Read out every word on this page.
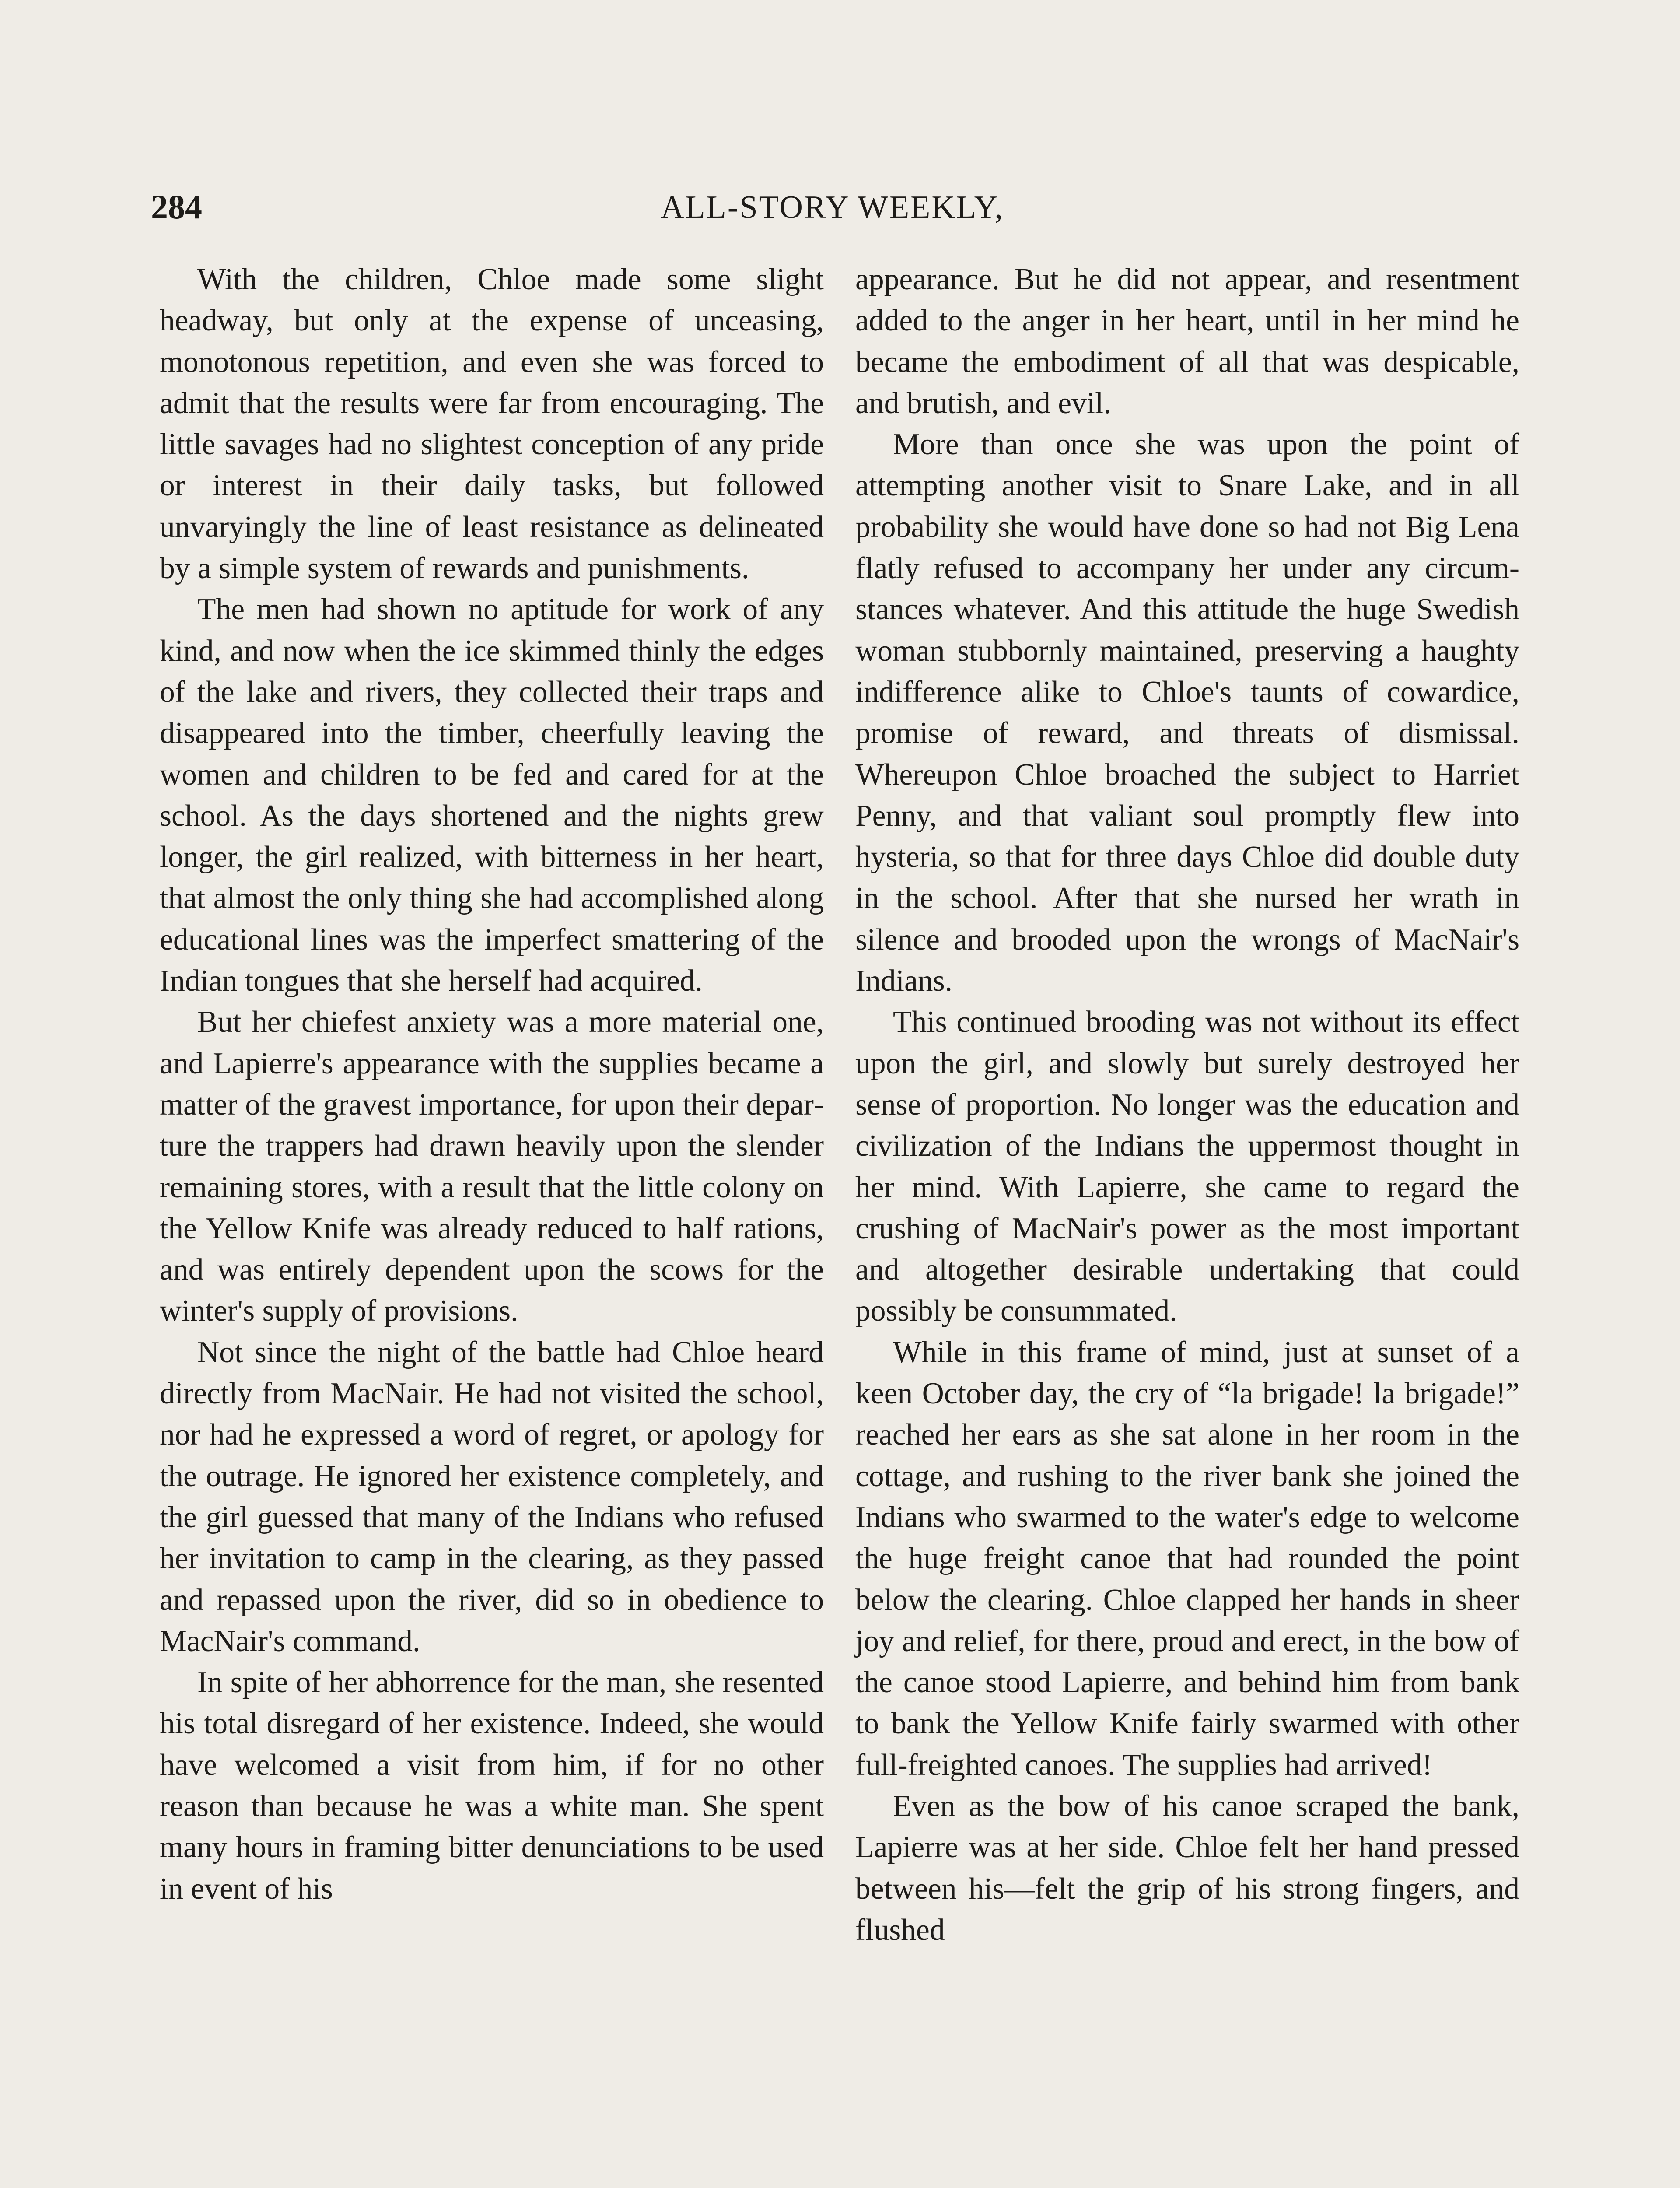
284	ALL-STORY WEEKLY,

With the children, Chloe made some slight headway, but only at the expense of unceasing, monotonous repetition, and even she was forced to admit that the results were far from encouraging. The little savages had no slightest conception of any pride or interest in their daily tasks, but followed unvaryingly the line of least resistance as delineated by a simple system of rewards and punishments.

The men had shown no aptitude for work of any kind, and now when the ice skimmed thinly the edges of the lake and rivers, they collected their traps and disappeared into the timber, cheerfully leaving the women and children to be fed and cared for at the school. As the days shortened and the nights grew longer, the girl realized, with bitterness in her heart, that almost the only thing she had accomplished along educational lines was the imperfect smattering of the Indian tongues that she herself had acquired.

But her chiefest anxiety was a more material one, and Lapierre's appearance with the supplies became a matter of the gravest importance, for upon their departure the trappers had drawn heavily upon the slender remaining stores, with a result that the little colony on the Yellow Knife was already reduced to half rations, and was entirely dependent upon the scows for the winter's supply of provisions.

Not since the night of the battle had Chloe heard directly from MacNair. He had not visited the school, nor had he expressed a word of regret, or apology for the outrage. He ignored her existence completely, and the girl guessed that many of the Indians who refused her invitation to camp in the clearing, as they passed and repassed upon the river, did so in obedience to MacNair's command.

In spite of her abhorrence for the man, she resented his total disregard of her existence. Indeed, she would have welcomed a visit from him, if for no other reason than because he was a white man. She spent many hours in framing bitter denunciations to be used in event of his

appearance. But he did not appear, and resentment added to the anger in her heart, until in her mind he became the embodiment of all that was despicable, and brutish, and evil.

More than once she was upon the point of attempting another visit to Snare Lake, and in all probability she would have done so had not Big Lena flatly refused to accompany her under any circumstances whatever. And this attitude the huge Swedish woman stubbornly maintained, preserving a haughty indifference alike to Chloe's taunts of cowardice, promise of reward, and threats of dismissal. Whereupon Chloe broached the subject to Harriet Penny, and that valiant soul promptly flew into hysteria, so that for three days Chloe did double duty in the school. After that she nursed her wrath in silence and brooded upon the wrongs of MacNair's Indians.

This continued brooding was not without its effect upon the girl, and slowly but surely destroyed her sense of proportion. No longer was the education and civilization of the Indians the uppermost thought in her mind. With Lapierre, she came to regard the crushing of MacNair's power as the most important and altogether desirable undertaking that could possibly be consummated.

While in this frame of mind, just at sunset of a keen October day, the cry of “la brigade! la brigade!” reached her ears as she sat alone in her room in the cottage, and rushing to the river bank she joined the Indians who swarmed to the water's edge to welcome the huge freight canoe that had rounded the point below the clearing. Chloe clapped her hands in sheer joy and relief, for there, proud and erect, in the bow of the canoe stood Lapierre, and behind him from bank to bank the Yellow Knife fairly swarmed with other full-freighted canoes. The supplies had arrived!

Even as the bow of his canoe scraped the bank, Lapierre was at her side. Chloe felt her hand pressed between his—felt the grip of his strong fingers, and flushed
